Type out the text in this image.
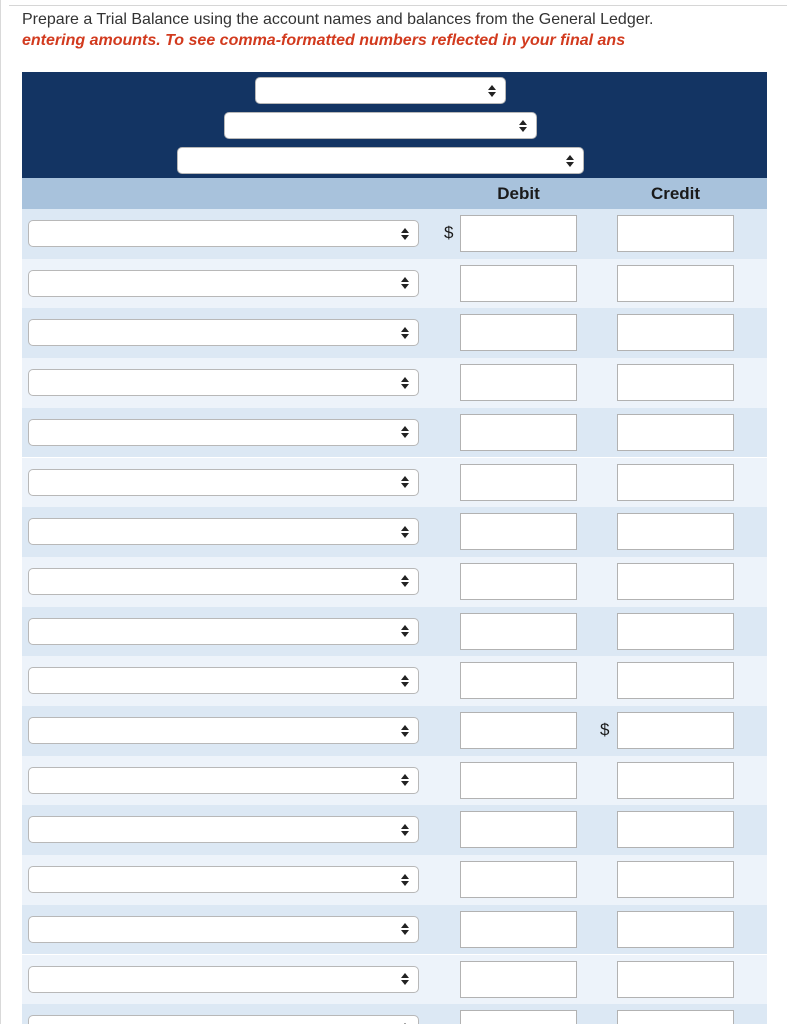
Prepare a Trial Balance using the account names and balances from the General Ledger.
entering amounts. To see comma-formatted numbers reflected in your final ans
Debit	Credit
$
$
